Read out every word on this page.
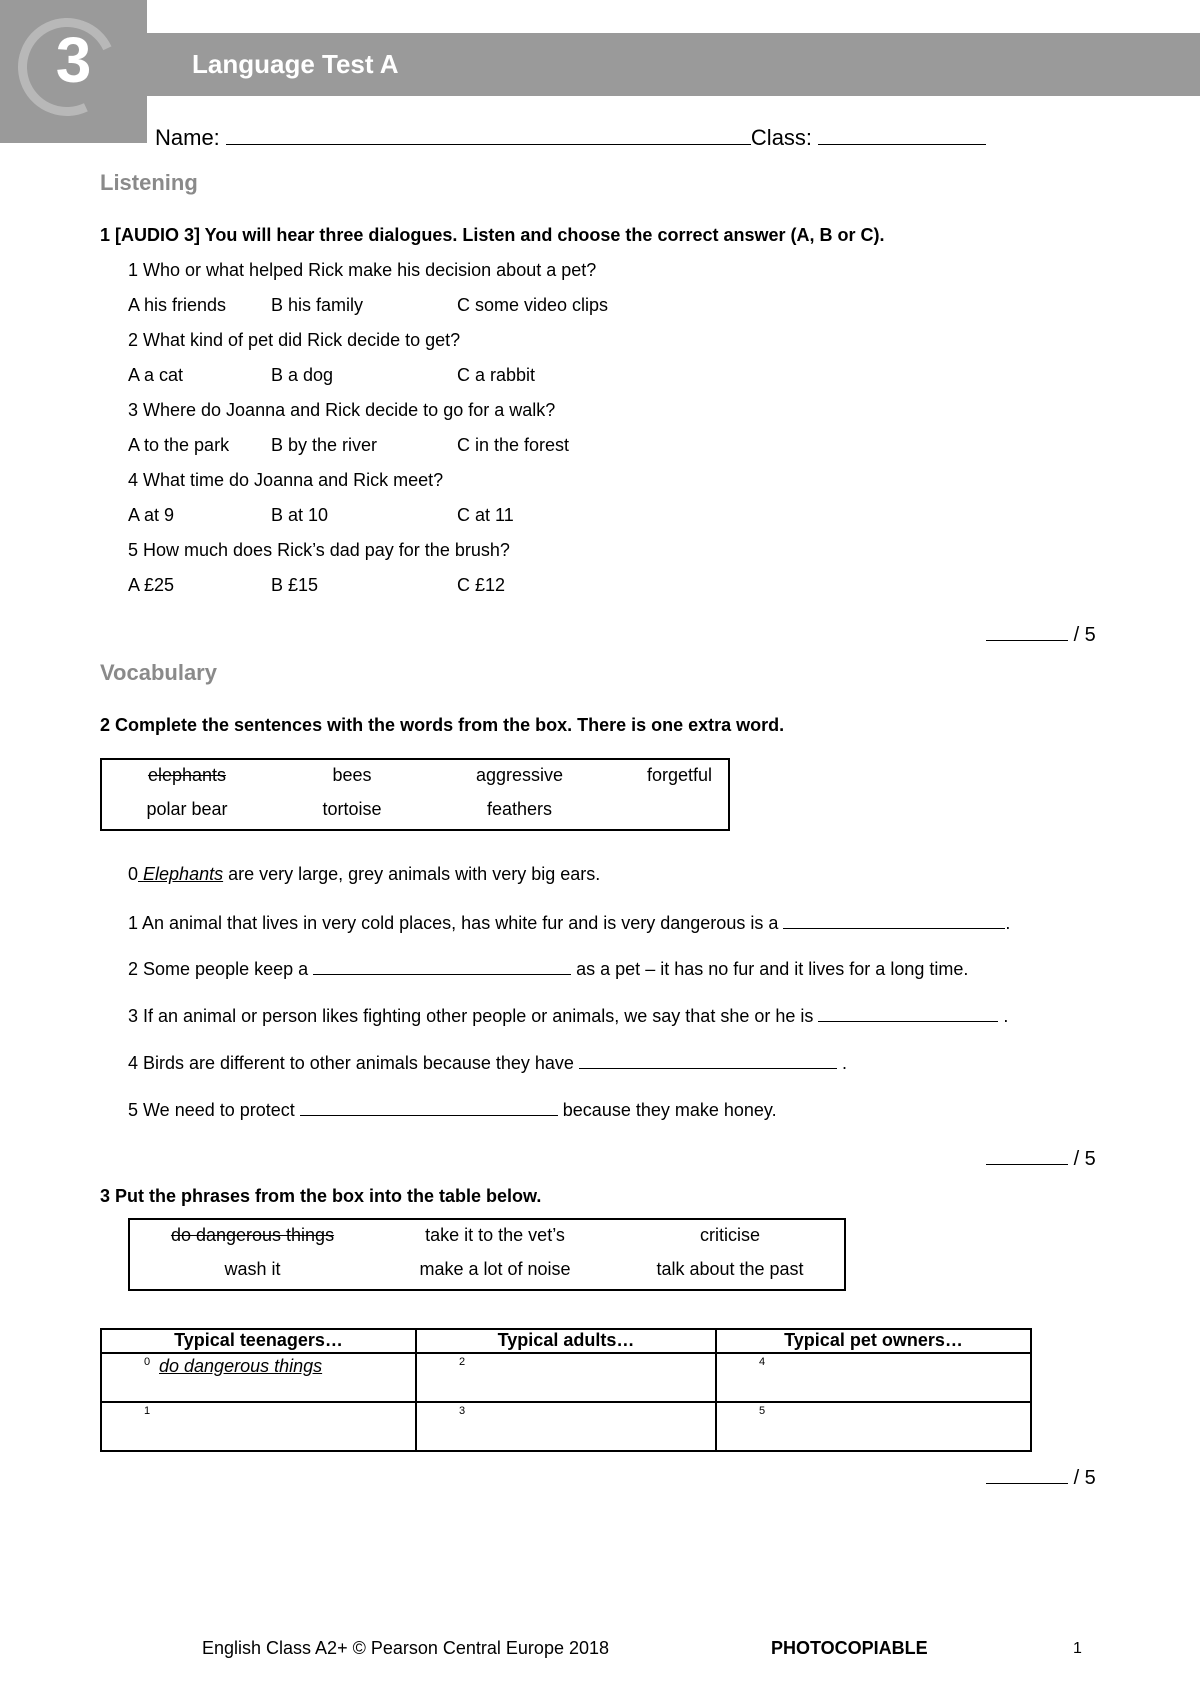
3	Language Test A
Name:	Class:
Listening
1 [AUDIO 3] You will hear three dialogues. Listen and choose the correct answer (A, B or C).
1 Who or what helped Rick make his decision about a pet?
A his friends B his family	C some video clips
2 What kind of pet did Rick decide to get?
A a cat	B a dog	C a rabbit
3 Where do Joanna and Rick decide to go for a walk?
A to the park B by the river	C in the forest
4 What time do Joanna and Rick meet?
A at 9	B at 10	C at 11
5 How much does Rick’s dad pay for the brush?
A £25	B £15	C £12
/ 5
Vocabulary
2 Complete the sentences with the words from the box. There is one extra word.
elephants	bees	aggressive	forgetful
polar bear	tortoise	feathers
0 Elephants are very large, grey animals with very big ears.
1 An animal that lives in very cold places, has white fur and is very dangerous is a	.
2 Some people keep a	as a pet – it has no fur and it lives for a long time.
3 If an animal or person likes fighting other people or animals, we say that she or he is	.
4 Birds are different to other animals because they have	.
5 We need to protect	because they make honey.
/ 5
3 Put the phrases from the box into the table below.
do dangerous things	take it to the vet’s	criticise
wash it	make a lot of noise	talk about the past
Typical teenagers…	Typical adults…	Typical pet owners…

0 do dangerous things	2	4

1	3	5
/ 5
English Class A2+ © Pearson Central Europe 2018	PHOTOCOPIABLE	1
